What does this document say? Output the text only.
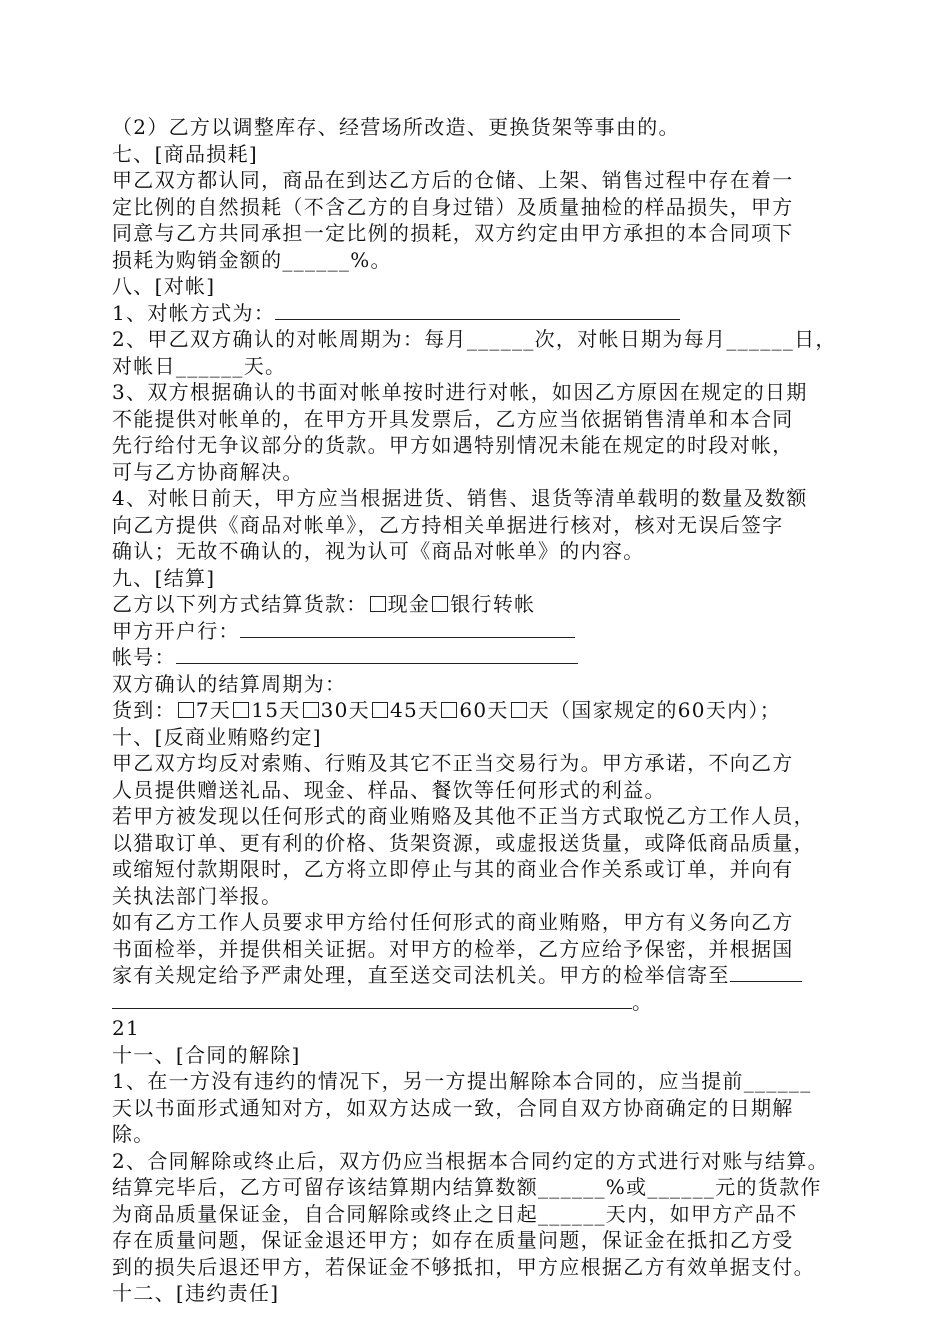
（2）乙方以调整库存、经营场所改造、更换货架等事由的。
七、[商品损耗]
甲乙双方都认同，商品在到达乙方后的仓储、上架、销售过程中存在着一
定比例的自然损耗（不含乙方的自身过错）及质量抽检的样品损失，甲方
同意与乙方共同承担一定比例的损耗，双方约定由甲方承担的本合同项下
损耗为购销金额的______%。
八、[对帐]
1、对帐方式为：
2、甲乙双方确认的对帐周期为：每月______次，对帐日期为每月______日，
对帐日______天。
3、双方根据确认的书面对帐单按时进行对帐，如因乙方原因在规定的日期
不能提供对帐单的，在甲方开具发票后，乙方应当依据销售清单和本合同
先行给付无争议部分的货款。甲方如遇特别情况未能在规定的时段对帐，
可与乙方协商解决。
4、对帐日前天，甲方应当根据进货、销售、退货等清单载明的数量及数额
向乙方提供《商品对帐单》，乙方持相关单据进行核对，核对无误后签字
确认；无故不确认的，视为认可《商品对帐单》的内容。
九、[结算]
乙方以下列方式结算货款： 现金 银行转帐
甲方开户行：
帐号：
双方确认的结算周期为：
货到： 7天 15天 30天 45天 60天 天（国家规定的60天内）；
十、[反商业贿赂约定]
甲乙双方均反对索贿、行贿及其它不正当交易行为。甲方承诺，不向乙方
人员提供赠送礼品、现金、样品、餐饮等任何形式的利益。
若甲方被发现以任何形式的商业贿赂及其他不正当方式取悦乙方工作人员，
以猎取订单、更有利的价格、货架资源，或虚报送货量，或降低商品质量，
或缩短付款期限时，乙方将立即停止与其的商业合作关系或订单，并向有
关执法部门举报。
如有乙方工作人员要求甲方给付任何形式的商业贿赂，甲方有义务向乙方
书面检举，并提供相关证据。对甲方的检举，乙方应给予保密，并根据国
家有关规定给予严肃处理，直至送交司法机关。甲方的检举信寄至
。
21
十一、[合同的解除]
1、在一方没有违约的情况下，另一方提出解除本合同的，应当提前______
天以书面形式通知对方，如双方达成一致，合同自双方协商确定的日期解
除。
2、合同解除或终止后，双方仍应当根据本合同约定的方式进行对账与结算。
结算完毕后，乙方可留存该结算期内结算数额______%或______元的货款作
为商品质量保证金，自合同解除或终止之日起______天内，如甲方产品不
存在质量问题，保证金退还甲方；如存在质量问题，保证金在抵扣乙方受
到的损失后退还甲方，若保证金不够抵扣，甲方应根据乙方有效单据支付。
十二、[违约责任]
